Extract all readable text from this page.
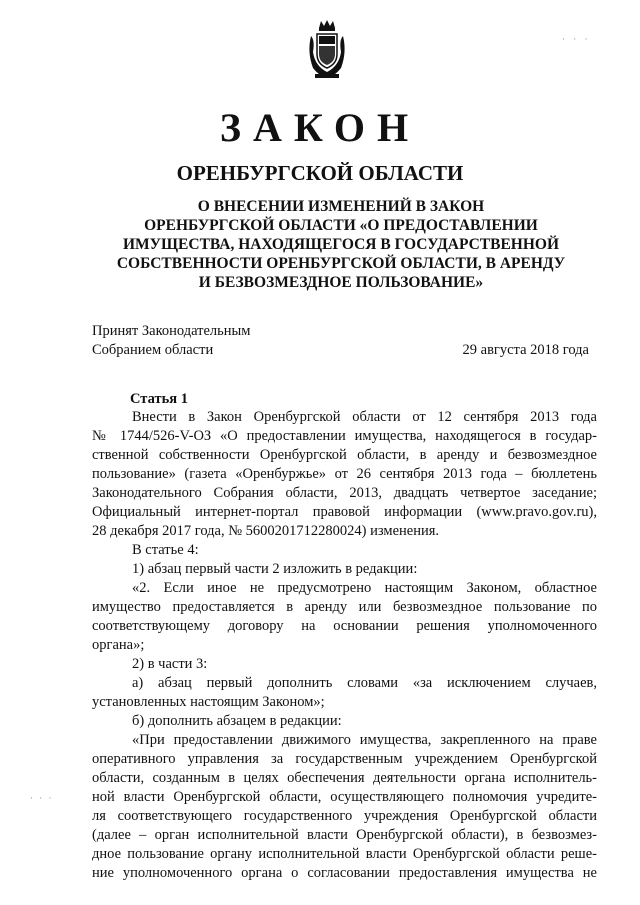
· · ·
ЗАКОН
ОРЕНБУРГСКОЙ ОБЛАСТИ
О ВНЕСЕНИИ ИЗМЕНЕНИЙ В ЗАКОН
ОРЕНБУРГСКОЙ ОБЛАСТИ «О ПРЕДОСТАВЛЕНИИ
ИМУЩЕСТВА, НАХОДЯЩЕГОСЯ В ГОСУДАРСТВЕННОЙ
СОБСТВЕННОСТИ ОРЕНБУРГСКОЙ ОБЛАСТИ, В АРЕНДУ
И БЕЗВОЗМЕЗДНОЕ ПОЛЬЗОВАНИЕ»
Принят Законодательным
Собранием области	29 августа 2018 года
Статья 1
Внести в Закон Оренбургской области от 12 сентября 2013 года
№ 1744/526-V-ОЗ «О предоставлении имущества, находящегося в государ-
ственной собственности Оренбургской области, в аренду и безвозмездное
пользование» (газета «Оренбуржье» от 26 сентября 2013 года – бюллетень
Законодательного Собрания области, 2013, двадцать четвертое заседание;
Официальный интернет-портал правовой информации (www.pravo.gov.ru),
28 декабря 2017 года, № 5600201712280024) изменения.
В статье 4:
1) абзац первый части 2 изложить в редакции:
«2. Если иное не предусмотрено настоящим Законом, областное
имущество предоставляется в аренду или безвозмездное пользование по
соответствующему договору на основании решения уполномоченного
органа»;
2) в части 3:
а) абзац первый дополнить словами «за исключением случаев,
установленных настоящим Законом»;
б) дополнить абзацем в редакции:
«При предоставлении движимого имущества, закрепленного на праве
оперативного управления за государственным учреждением Оренбургской
области, созданным в целях обеспечения деятельности органа исполнитель-
ной власти Оренбургской области, осуществляющего полномочия учредите-
ля соответствующего государственного учреждения Оренбургской области
(далее – орган исполнительной власти Оренбургской области), в безвозмез-
дное пользование органу исполнительной власти Оренбургской области реше-
ние уполномоченного органа о согласовании предоставления имущества не
· · ·
